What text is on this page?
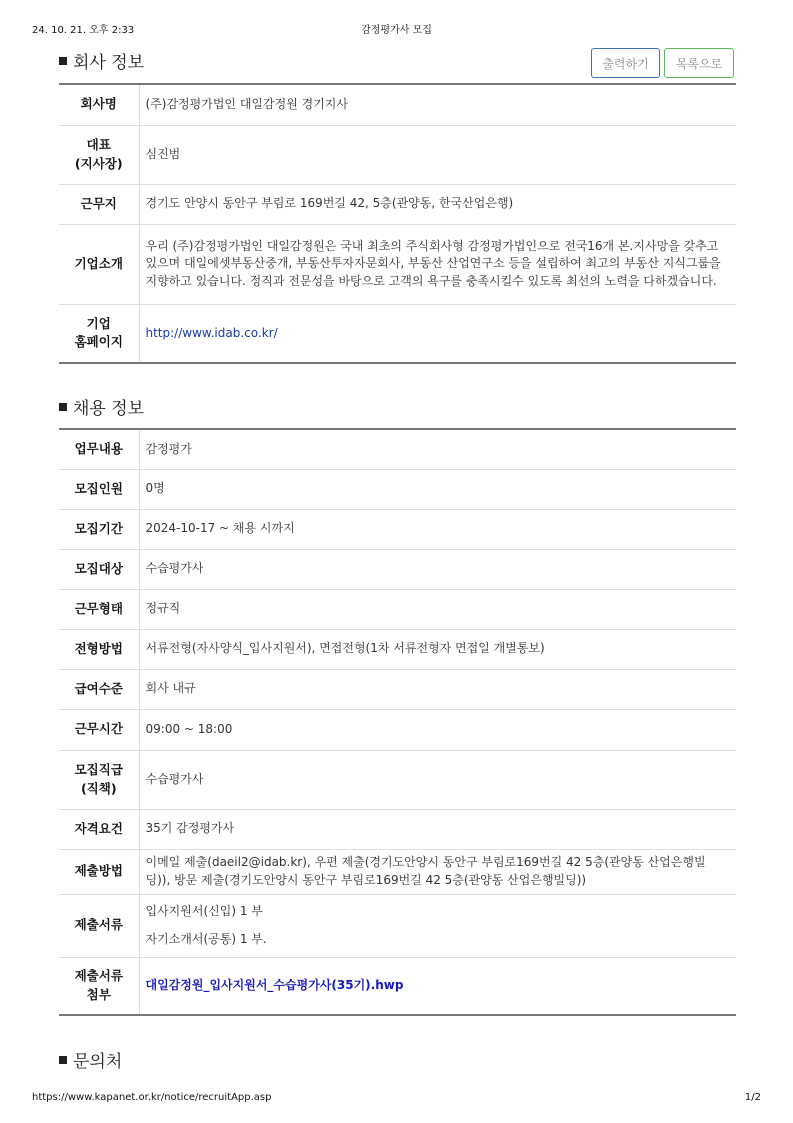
24. 10. 21. 오후 2:33	감정평가사 모집
회사 정보	출력하기	목록으로
회사명	(주)감정평가법인 대일감정원 경기지사
대표
(지사장)	심진범
근무지	경기도 안양시 동안구 부림로 169번길 42, 5층(관양동, 한국산업은행)
기업소개	우리 (주)감정평가법인 대일감정원은 국내 최초의 주식회사형 감정평가법인으로 전국16개 본.지사망을 갖추고 있으며 대일에셋부동산중개, 부동산투자자문회사, 부동산 산업연구소 등을 설립하여 최고의 부동산 지식그룹을 지향하고 있습니다. 정직과 전문성을 바탕으로 고객의 욕구를 충족시킬수 있도록 최선의 노력을 다하겠습니다.
기업
홈페이지	http://www.idab.co.kr/
채용 정보
업무내용	감정평가
모집인원	0명
모집기간	2024-10-17 ~ 채용 시까지
모집대상	수습평가사
근무형태	정규직
전형방법	서류전형(자사양식_입사지원서), 면접전형(1차 서류전형자 면접일 개별통보)
급여수준	회사 내규
근무시간	09:00 ~ 18:00
모집직급
(직책)	수습평가사
자격요건	35기 감정평가사
제출방법	이메일 제출(daeil2@idab.kr), 우편 제출(경기도안양시 동안구 부림로169번길 42 5층(관양동 산업은행빌딩)), 방문 제출(경기도안양시 동안구 부림로169번길 42 5층(관양동 산업은행빌딩))
제출서류	입사지원서(신입) 1 부
자기소개서(공통) 1 부.

제출서류
첨부	대일감정원_입사지원서_수습평가사(35기).hwp
문의처
https://www.kapanet.or.kr/notice/recruitApp.asp	1/2
